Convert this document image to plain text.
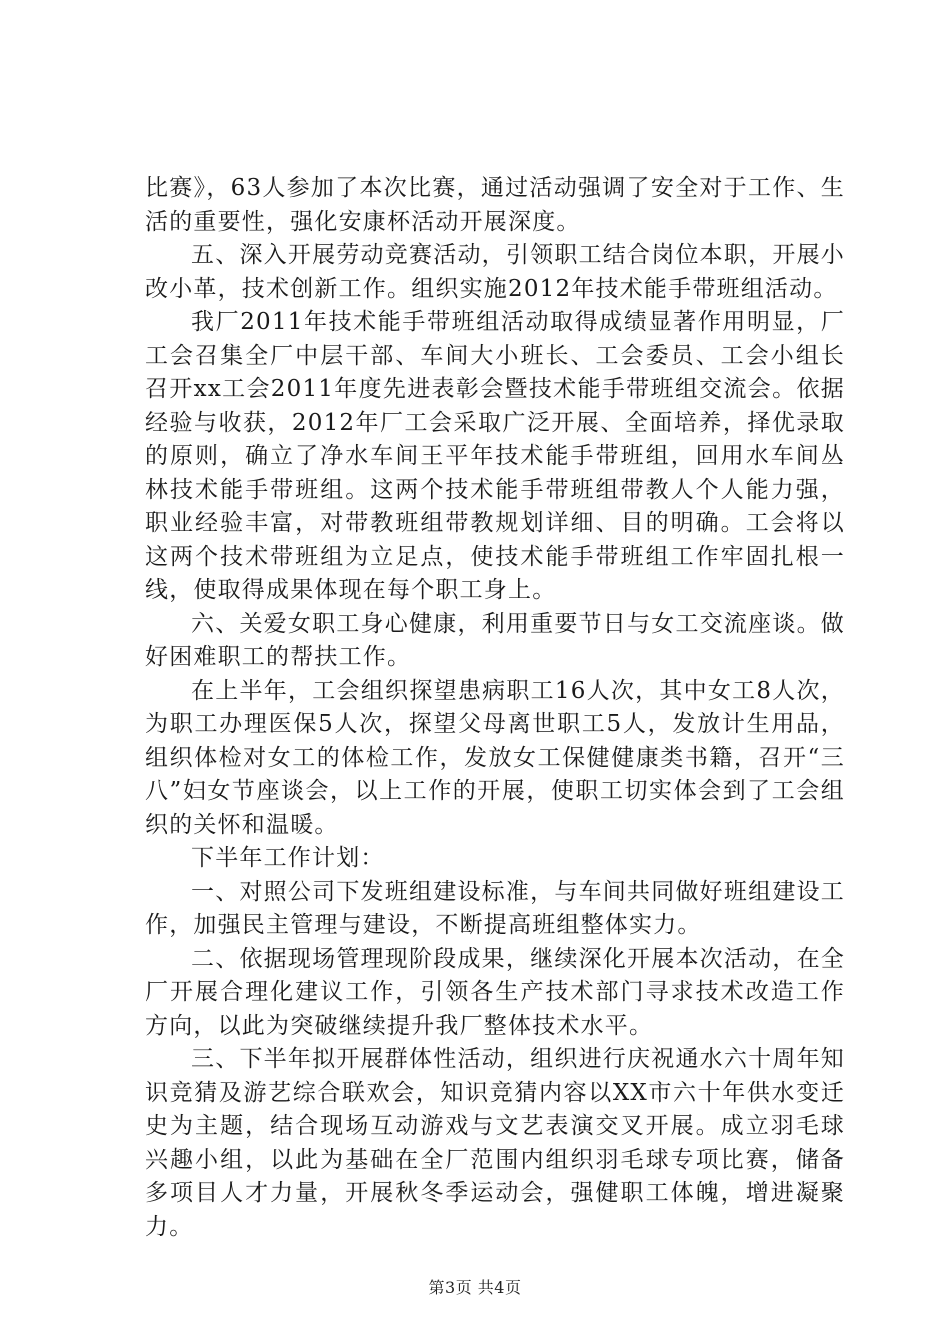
比赛》，63人参加了本次比赛，通过活动强调了安全对于工作、生活的重要性，强化安康杯活动开展深度。

五、深入开展劳动竞赛活动，引领职工结合岗位本职，开展小改小革，技术创新工作。组织实施2012年技术能手带班组活动。

我厂2011年技术能手带班组活动取得成绩显著作用明显，厂工会召集全厂中层干部、车间大小班长、工会委员、工会小组长召开xx工会2011年度先进表彰会暨技术能手带班组交流会。依据经验与收获，2012年厂工会采取广泛开展、全面培养，择优录取的原则，确立了净水车间王平年技术能手带班组，回用水车间丛林技术能手带班组。这两个技术能手带班组带教人个人能力强，职业经验丰富，对带教班组带教规划详细、目的明确。工会将以这两个技术带班组为立足点，使技术能手带班组工作牢固扎根一线，使取得成果体现在每个职工身上。

六、关爱女职工身心健康，利用重要节日与女工交流座谈。做好困难职工的帮扶工作。

在上半年，工会组织探望患病职工16人次，其中女工8人次，为职工办理医保5人次，探望父母离世职工5人，发放计生用品，组织体检对女工的体检工作，发放女工保健健康类书籍，召开“三八”妇女节座谈会，以上工作的开展，使职工切实体会到了工会组织的关怀和温暖。

下半年工作计划：

一、对照公司下发班组建设标准，与车间共同做好班组建设工作，加强民主管理与建设，不断提高班组整体实力。

二、依据现场管理现阶段成果，继续深化开展本次活动，在全厂开展合理化建议工作，引领各生产技术部门寻求技术改造工作方向，以此为突破继续提升我厂整体技术水平。

三、下半年拟开展群体性活动，组织进行庆祝通水六十周年知识竞猜及游艺综合联欢会，知识竞猜内容以XX市六十年供水变迁史为主题，结合现场互动游戏与文艺表演交叉开展。成立羽毛球兴趣小组，以此为基础在全厂范围内组织羽毛球专项比赛，储备多项目人才力量，开展秋冬季运动会，强健职工体魄，增进凝聚力。

第3页 共4页
